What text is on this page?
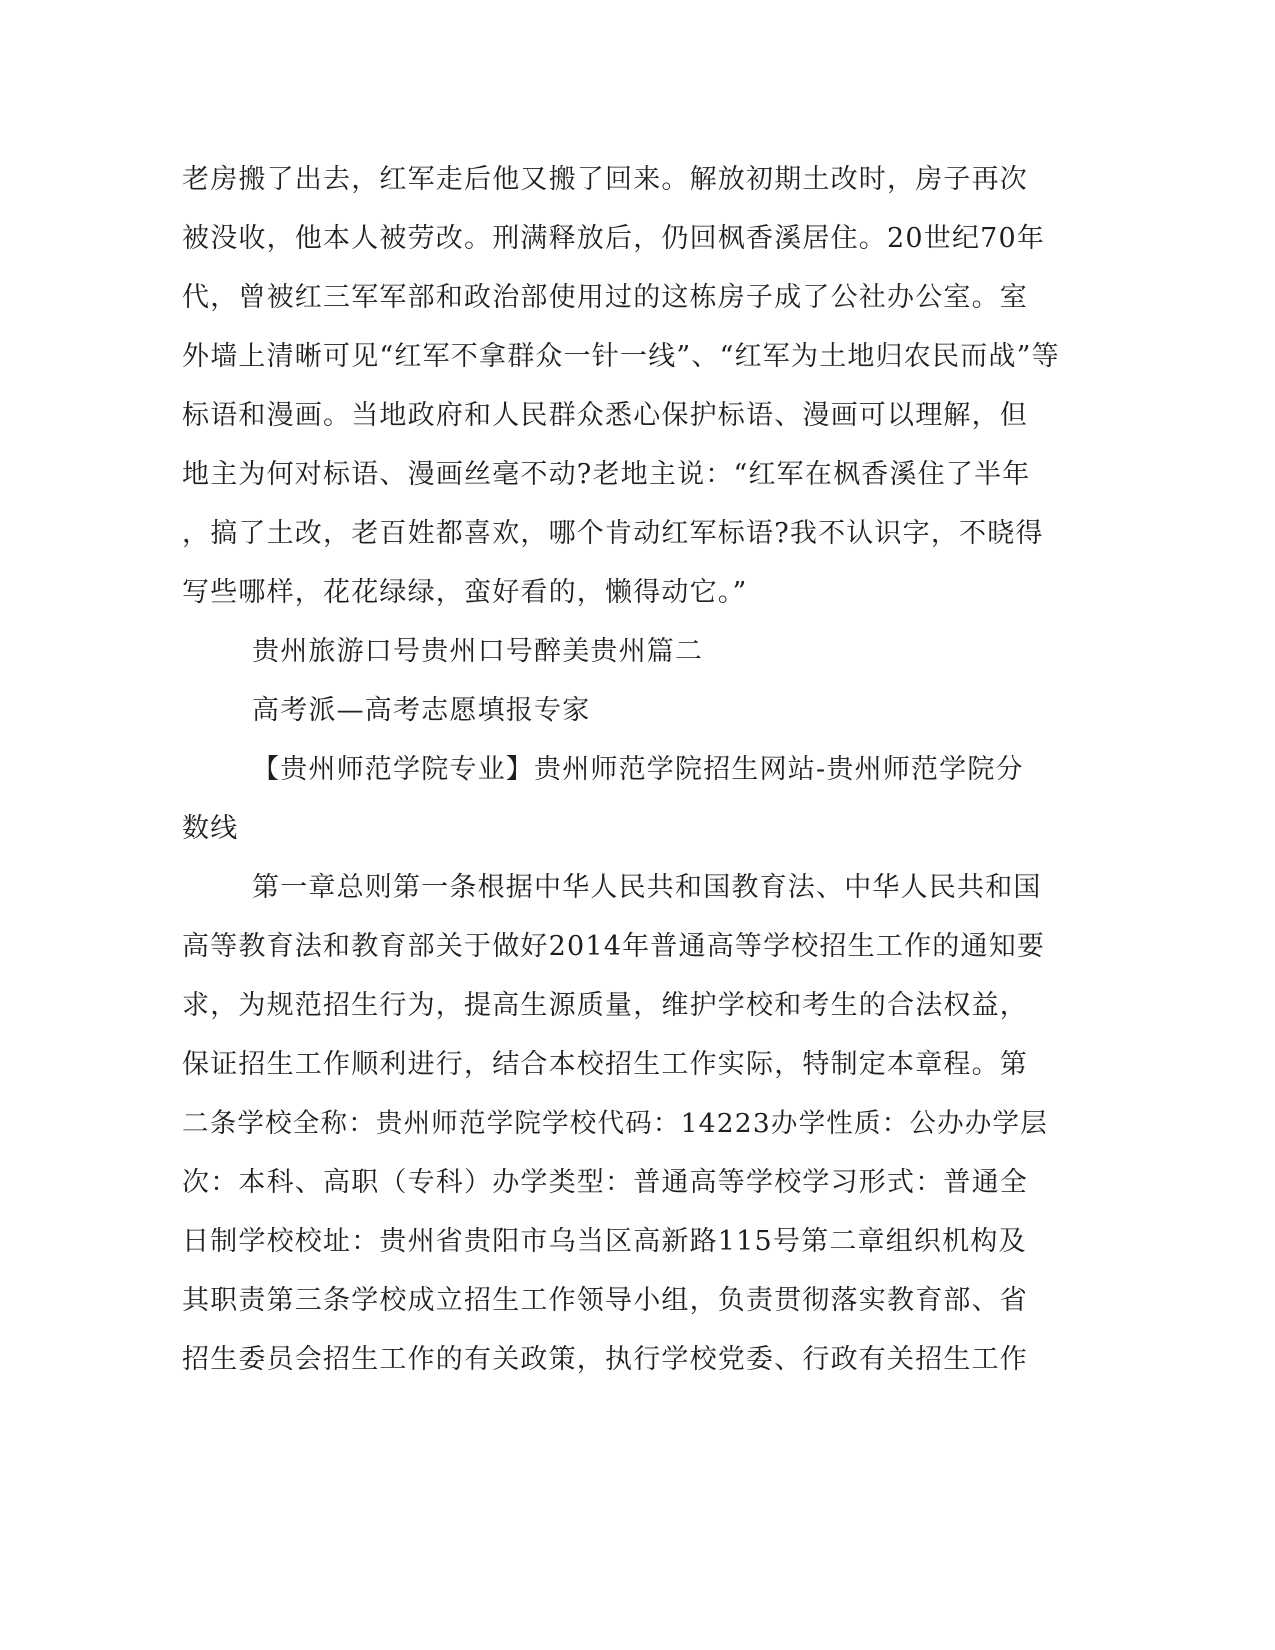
老房搬了出去，红军走后他又搬了回来。解放初期土改时，房子再次

被没收，他本人被劳改。刑满释放后，仍回枫香溪居住。20世纪70年

代，曾被红三军军部和政治部使用过的这栋房子成了公社办公室。室

外墙上清晰可见“红军不拿群众一针一线”、“红军为土地归农民而战”等

标语和漫画。当地政府和人民群众悉心保护标语、漫画可以理解，但

地主为何对标语、漫画丝毫不动?老地主说：“红军在枫香溪住了半年

，搞了土改，老百姓都喜欢，哪个肯动红军标语?我不认识字，不晓得

写些哪样，花花绿绿，蛮好看的，懒得动它。”

贵州旅游口号贵州口号醉美贵州篇二

高考派—高考志愿填报专家

【贵州师范学院专业】贵州师范学院招生网站-贵州师范学院分

数线

第一章总则第一条根据中华人民共和国教育法、中华人民共和国

高等教育法和教育部关于做好2014年普通高等学校招生工作的通知要

求，为规范招生行为，提高生源质量，维护学校和考生的合法权益，

保证招生工作顺利进行，结合本校招生工作实际，特制定本章程。第

二条学校全称：贵州师范学院学校代码：14223办学性质：公办办学层

次：本科、高职（专科）办学类型：普通高等学校学习形式：普通全

日制学校校址：贵州省贵阳市乌当区高新路115号第二章组织机构及

其职责第三条学校成立招生工作领导小组，负责贯彻落实教育部、省

招生委员会招生工作的有关政策，执行学校党委、行政有关招生工作
